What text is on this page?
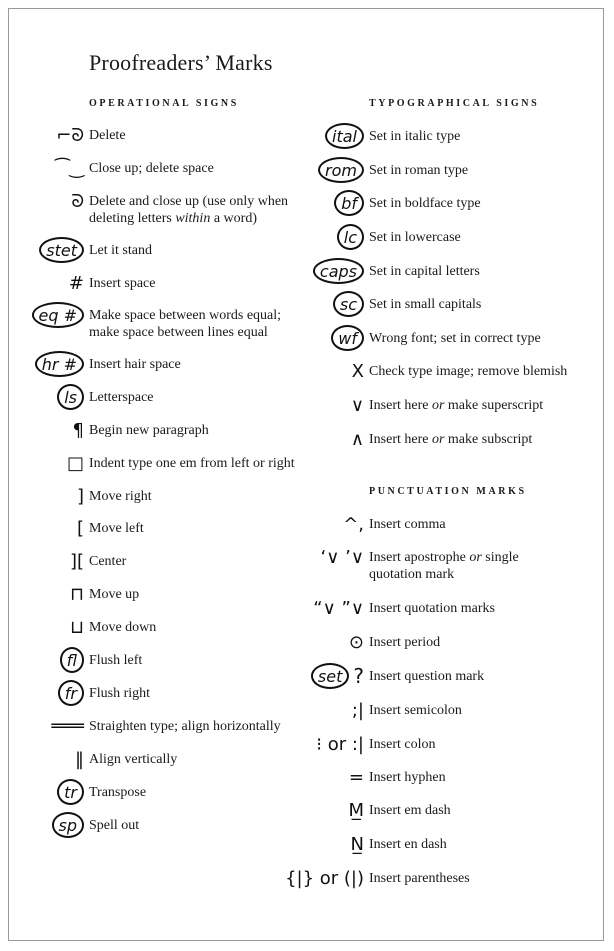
Proofreaders’ Marks
OPERATIONAL SIGNS	TYPOGRAPHICAL SIGNS
PUNCTUATION MARKS
⌐ᘐ Delete
⁀‿ Close up; delete space
ᘐ Delete and close up (use only when
deleting letters within a word)
stet Let it stand
# Insert space
eq # Make space between words equal;
make space between lines equal
hr # Insert hair space
ls Letterspace
¶ Begin new paragraph
□ Indent type one em from left or right
] Move right
[ Move left
][ Center
⊓ Move up
⊔ Move down
fl Flush left
fr Flush right
═══ Straighten type; align horizontally
‖ Align vertically
tr Transpose
sp Spell out
ital Set in italic type
rom Set in roman type
bf Set in boldface type
lc Set in lowercase
caps Set in capital letters
sc Set in small capitals
wf Wrong font; set in correct type
X Check type image; remove blemish
∨ Insert here or make superscript
∧ Insert here or make subscript
^, Insert comma
‘∨ ’∨ Insert apostrophe or single
quotation mark
“∨ ”∨ Insert quotation marks
⊙ Insert period
set ? Insert question mark
;| Insert semicolon
⁝ or :| Insert colon
= Insert hyphen
M̲ Insert em dash
N̲ Insert en dash
{|} or (|) Insert parentheses
